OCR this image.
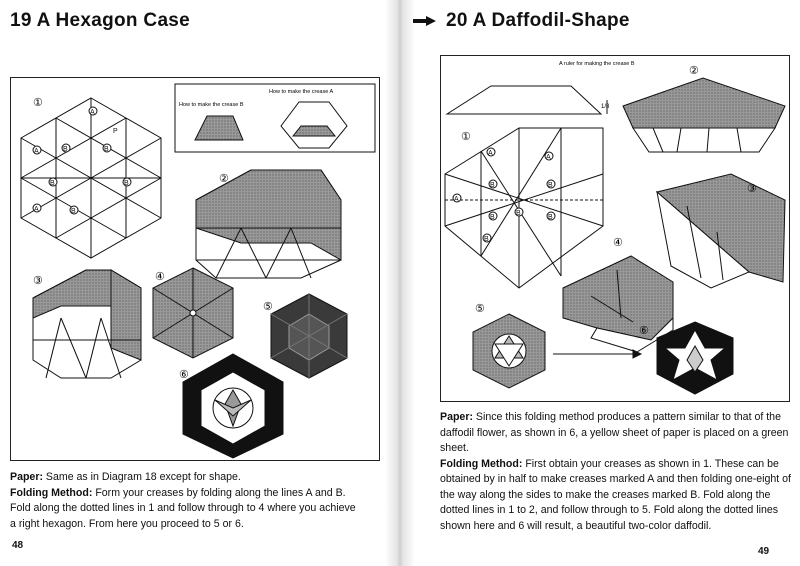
19 A Hexagon Case
①
A
A	B	B
B	B
A	B
P
How to make the crease A
How to make the crease B
②
③	④
⑤
⑥
Paper: Same as in Diagram 18 except for shape.
Folding Method: Form your creases by folding along the lines A and B. Fold along the dotted lines in 1 and follow through to 4 where you achieve a right hexagon. From here you proceed to 5 or 6.
48
20 A Daffodil-Shape
A ruler for making the crease B
1/8
②
①
A
A
A
B	B
B
B
B
B
③
④
⑤
⑥
Paper: Since this folding method produces a pattern similar to that of the daffodil flower, as shown in 6, a yellow sheet of paper is placed on a green sheet.
Folding Method: First obtain your creases as shown in 1. These can be obtained by in half to make creases marked A and then folding one-eight of the way along the sides to make the creases marked B. Fold along the dotted lines in 1 to 2, and follow through to 5. Fold along the dotted lines shown here and 6 will result, a beautiful two-color daffodil.
49
